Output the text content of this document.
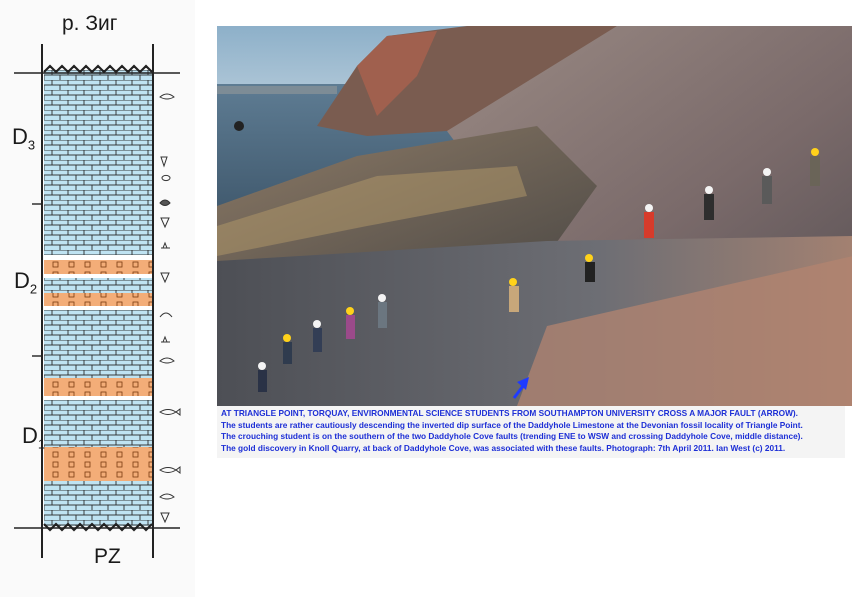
р. Зиг
PZ
$D_3$
$D_2$
$D_1$
AT TRIANGLE POINT, TORQUAY, ENVIRONMENTAL SCIENCE STUDENTS FROM SOUTHAMPTON UNIVERSITY CROSS A MAJOR FAULT (ARROW).
The students are rather cautiously descending the inverted dip surface of the Daddyhole Limestone at the Devonian fossil locality of Triangle Point.
The crouching student is on the southern of the two Daddyhole Cove faults (trending ENE to WSW and crossing Daddyhole Cove, middle distance).
The gold discovery in Knoll Quarry, at back of Daddyhole Cove, was associated with these faults. Photograph: 7th April 2011. Ian West (c) 2011.
